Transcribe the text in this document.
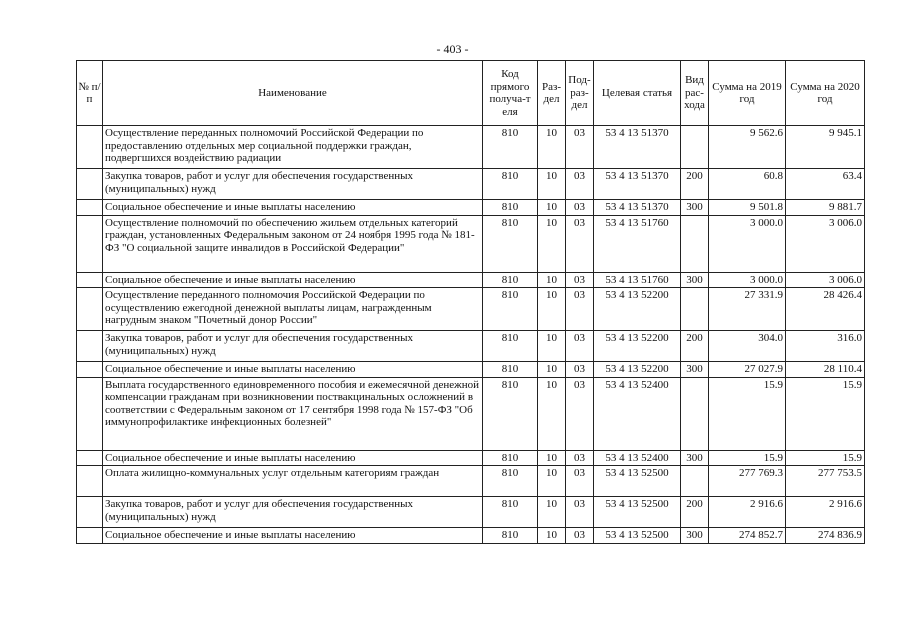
- 403 -
№ п/п	Наименование	Код прямого получа-т еля	Раз- дел	Под- раз- дел	Целевая статья	Вид рас- хода	Сумма на 2019 год	Сумма на 2020 год
	Осуществление переданных полномочий Российской Федерации по предоставлению отдельных мер социальной поддержки граждан, подвергшихся воздействию радиации	810	10	03	53 4 13 51370		9 562.6	9 945.1
	Закупка товаров, работ и услуг для обеспечения государственных (муниципальных) нужд	810	10	03	53 4 13 51370	200	60.8	63.4
	Социальное обеспечение и иные выплаты населению	810	10	03	53 4 13 51370	300	9 501.8	9 881.7
	Осуществление полномочий по обеспечению жильем отдельных категорий граждан, установленных Федеральным законом от 24 ноября 1995 года № 181-ФЗ "О социальной защите инвалидов в Российской Федерации"	810	10	03	53 4 13 51760		3 000.0	3 006.0
	Социальное обеспечение и иные выплаты населению	810	10	03	53 4 13 51760	300	3 000.0	3 006.0
	Осуществление переданного полномочия Российской Федерации по осуществлению ежегодной денежной выплаты лицам, награжденным нагрудным знаком "Почетный донор России"	810	10	03	53 4 13 52200		27 331.9	28 426.4
	Закупка товаров, работ и услуг для обеспечения государственных (муниципальных) нужд	810	10	03	53 4 13 52200	200	304.0	316.0
	Социальное обеспечение и иные выплаты населению	810	10	03	53 4 13 52200	300	27 027.9	28 110.4
	Выплата государственного единовременного пособия и ежемесячной денежной компенсации гражданам при возникновении поствакцинальных осложнений в соответствии с Федеральным законом от 17 сентября 1998 года № 157-ФЗ "Об иммунопрофилактике инфекционных болезней"	810	10	03	53 4 13 52400		15.9	15.9
	Социальное обеспечение и иные выплаты населению	810	10	03	53 4 13 52400	300	15.9	15.9
	Оплата жилищно-коммунальных услуг отдельным категориям граждан	810	10	03	53 4 13 52500		277 769.3	277 753.5
	Закупка товаров, работ и услуг для обеспечения государственных (муниципальных) нужд	810	10	03	53 4 13 52500	200	2 916.6	2 916.6
	Социальное обеспечение и иные выплаты населению	810	10	03	53 4 13 52500	300	274 852.7	274 836.9
